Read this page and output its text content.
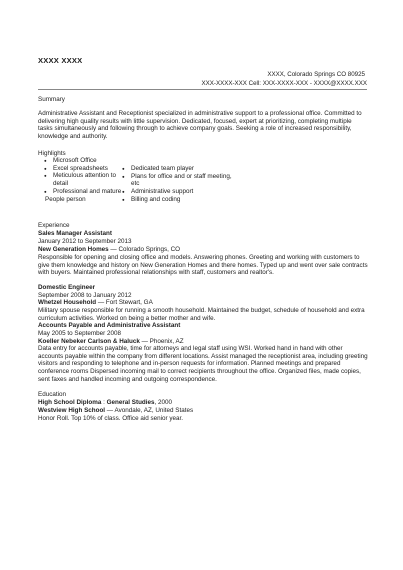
XXXX XXXX
XXXX, Colorado Springs CO 80925
XXX-XXXX-XXX Cell: XXX-XXXX-XXX - XXXX@XXXX.XXX
Summary
Administrative Assistant and Receptionist specialized in administrative support to a professional office. Committed to delivering high quality results with little supervision. Dedicated, focused, expert at prioritizing, completing multiple tasks simultaneously and following through to achieve company goals. Seeking a role of increased responsibility, knowledge and authority.
Highlights
● Microsoft Office
● Excel spreadsheets
● Meticulous attention to detail
● Professional and mature
People person
● Dedicated team player
● Plans for office and or staff meeting, etc
● Administrative support
● Billing and coding
Experience
Sales Manager Assistant
January 2012 to September 2013
New Generation Homes — Colorado Springs, CO
Responsible for opening and closing office and models. Answering phones. Greeting and working with customers to give them knowledge and history on New Generation Homes and there homes. Typed up and went over sale contracts with buyers. Maintained professional relationships with staff, customers and realtor's.
Domestic Engineer
September 2008 to January 2012
Whetzel Household — Fort Stewart, GA
Military spouse responsible for running a smooth household. Maintained the budget, schedule of household and extra curriculum activities. Worked on being a better mother and wife.
Accounts Payable and Administrative Assistant
May 2005 to September 2008
Koeller Nebeker Carlson & Haluck — Phoenix, AZ
Data entry for accounts payable, time for attorneys and legal staff using WSI. Worked hand in hand with other accounts payable within the company from different locations. Assist managed the receptionist area, including greeting visitors and responding to telephone and in-person requests for information. Planned meetings and prepared conference rooms Dispersed incoming mail to correct recipients throughout the office. Organized files, made copies, sent faxes and handled incoming and outgoing correspondence.
Education
High School Diploma : General Studies, 2000
Westview High School — Avondale, AZ, United States
Honor Roll. Top 10% of class. Office aid senior year.
